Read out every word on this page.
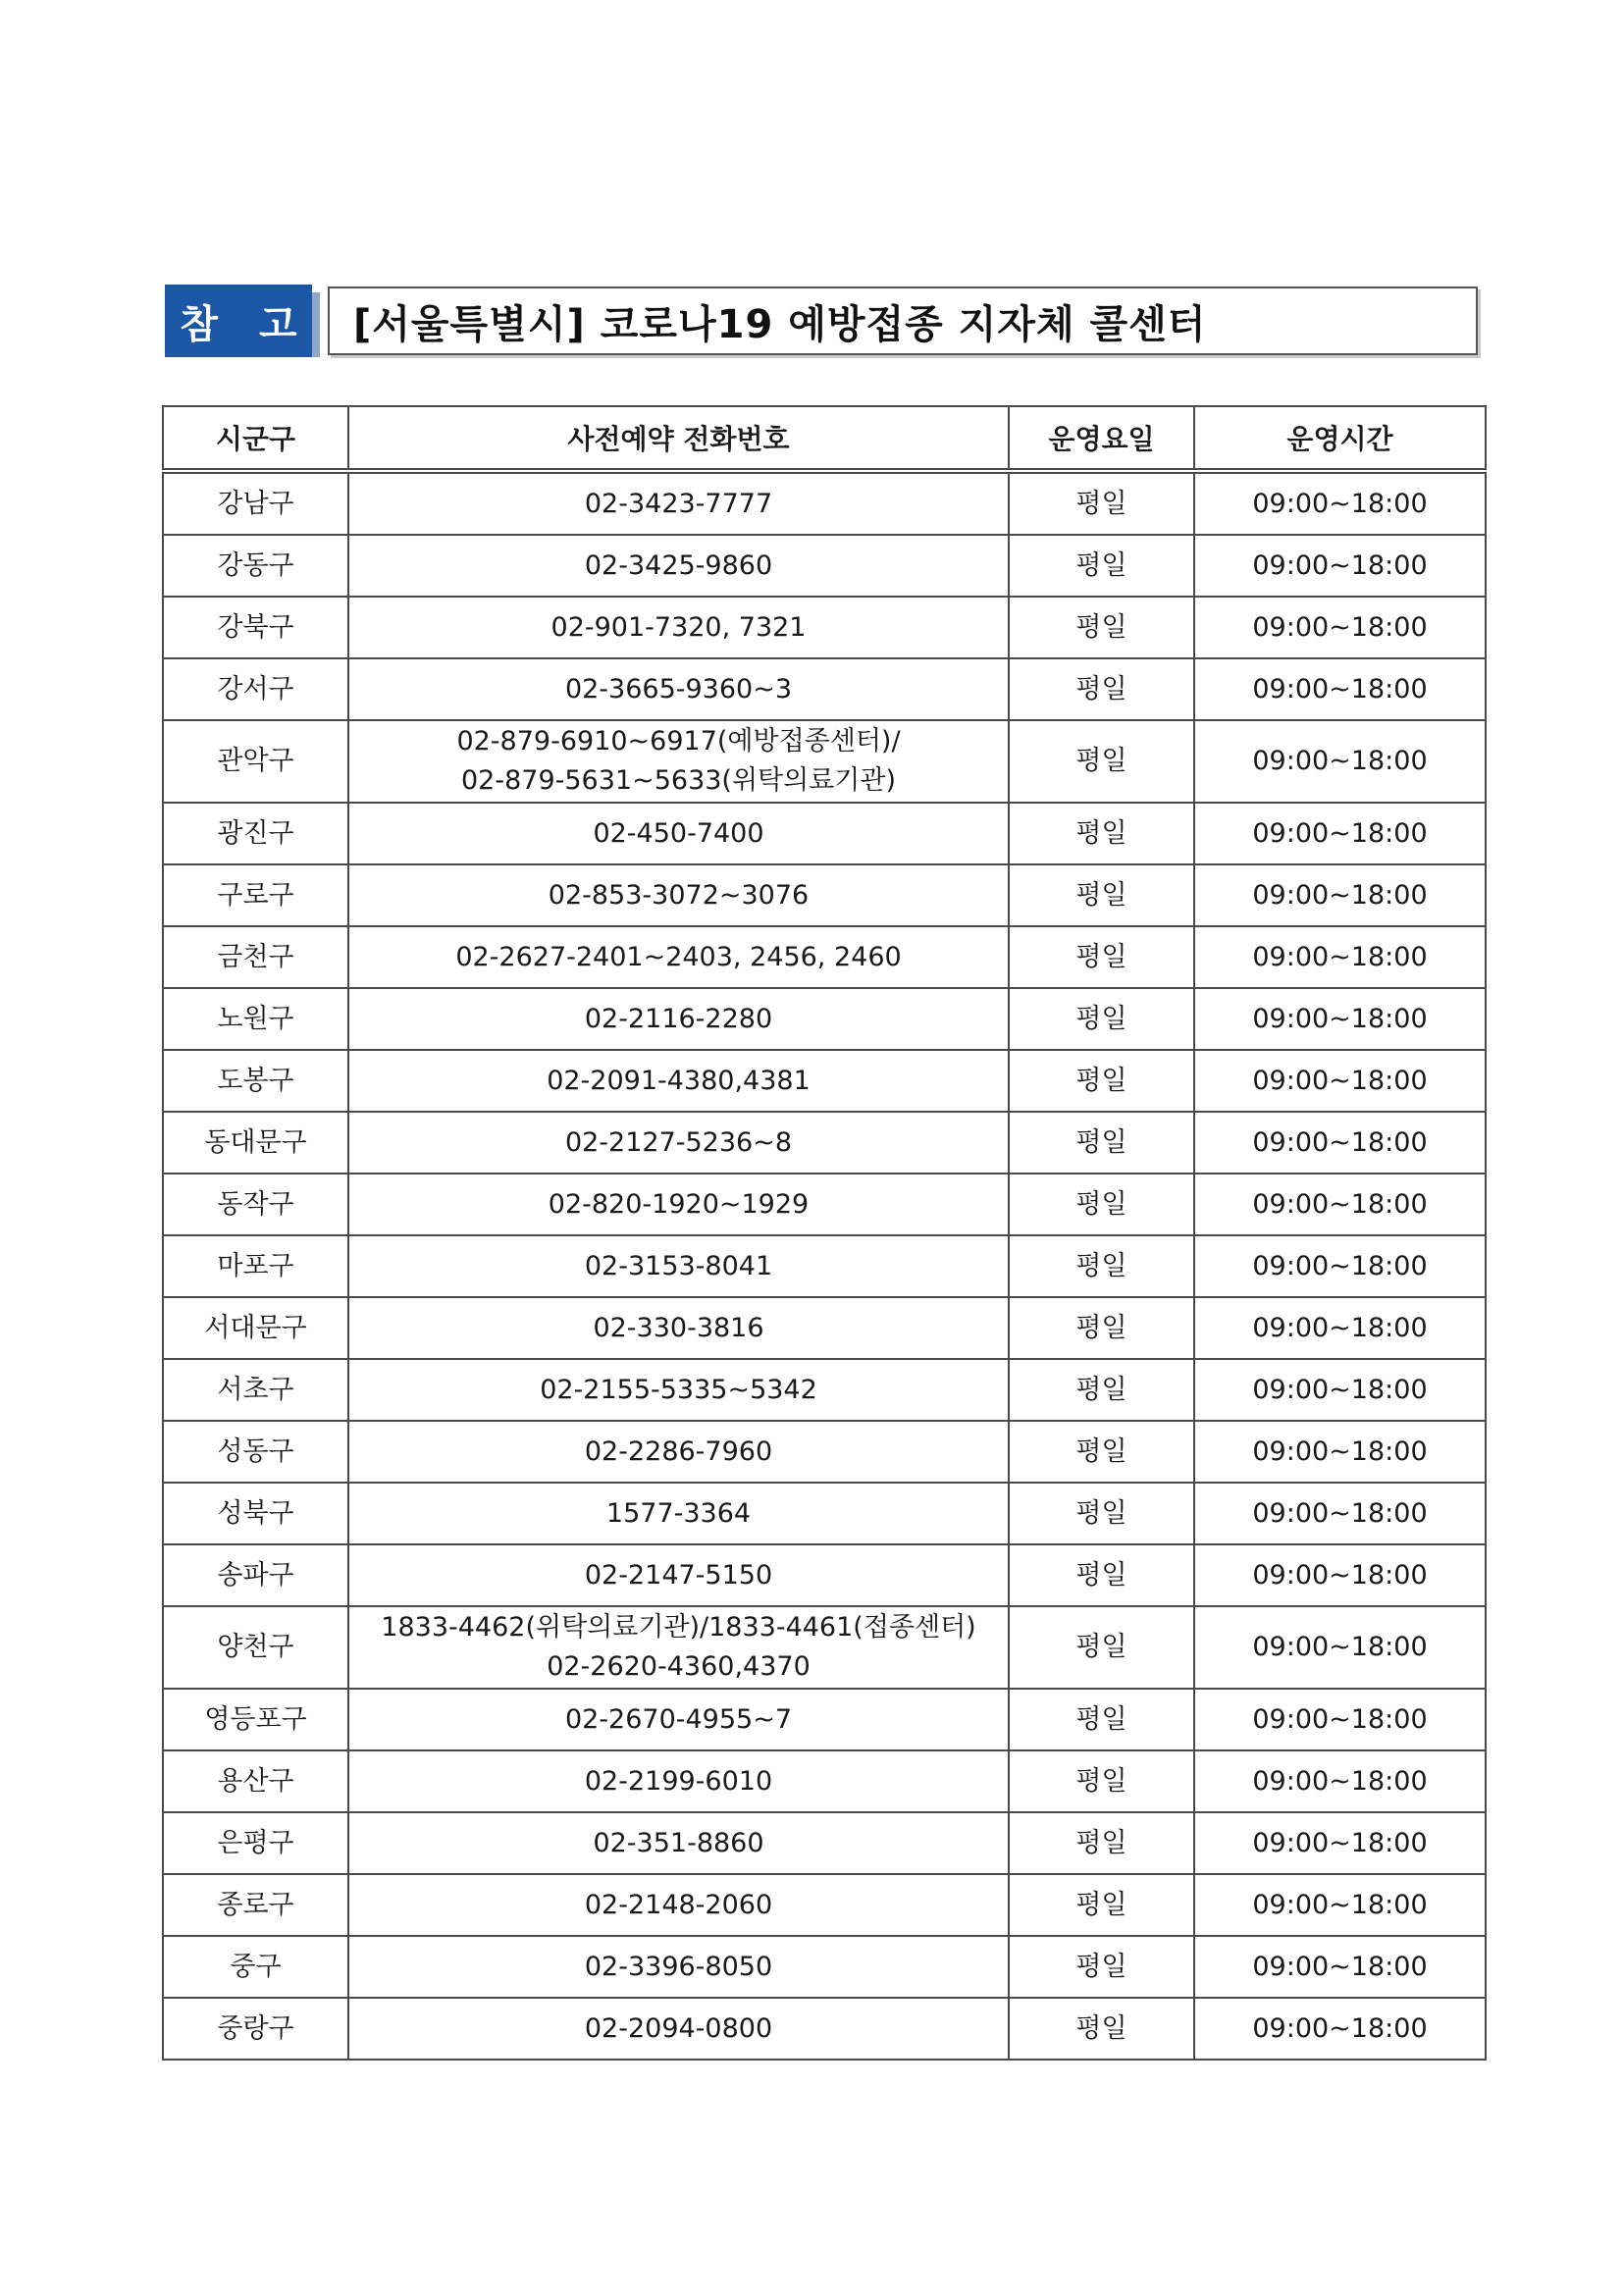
참 고	[서울특별시] 코로나19 예방접종 지자체 콜센터
시군구	사전예약 전화번호	운영요일	운영시간
강남구	02-3423-7777	평일	09:00~18:00
강동구	02-3425-9860	평일	09:00~18:00
강북구	02-901-7320, 7321	평일	09:00~18:00
강서구	02-3665-9360~3	평일	09:00~18:00
관악구	02-879-6910~6917(예방접종센터)/
02-879-5631~5633(위탁의료기관)	평일	09:00~18:00
광진구	02-450-7400	평일	09:00~18:00
구로구	02-853-3072~3076	평일	09:00~18:00
금천구	02-2627-2401~2403, 2456, 2460	평일	09:00~18:00
노원구	02-2116-2280	평일	09:00~18:00
도봉구	02-2091-4380,4381	평일	09:00~18:00
동대문구	02-2127-5236~8	평일	09:00~18:00
동작구	02-820-1920~1929	평일	09:00~18:00
마포구	02-3153-8041	평일	09:00~18:00
서대문구	02-330-3816	평일	09:00~18:00
서초구	02-2155-5335~5342	평일	09:00~18:00
성동구	02-2286-7960	평일	09:00~18:00
성북구	1577-3364	평일	09:00~18:00
송파구	02-2147-5150	평일	09:00~18:00
양천구	1833-4462(위탁의료기관)/1833-4461(접종센터)
02-2620-4360,4370	평일	09:00~18:00
영등포구	02-2670-4955~7	평일	09:00~18:00
용산구	02-2199-6010	평일	09:00~18:00
은평구	02-351-8860	평일	09:00~18:00
종로구	02-2148-2060	평일	09:00~18:00
중구	02-3396-8050	평일	09:00~18:00
중랑구	02-2094-0800	평일	09:00~18:00
